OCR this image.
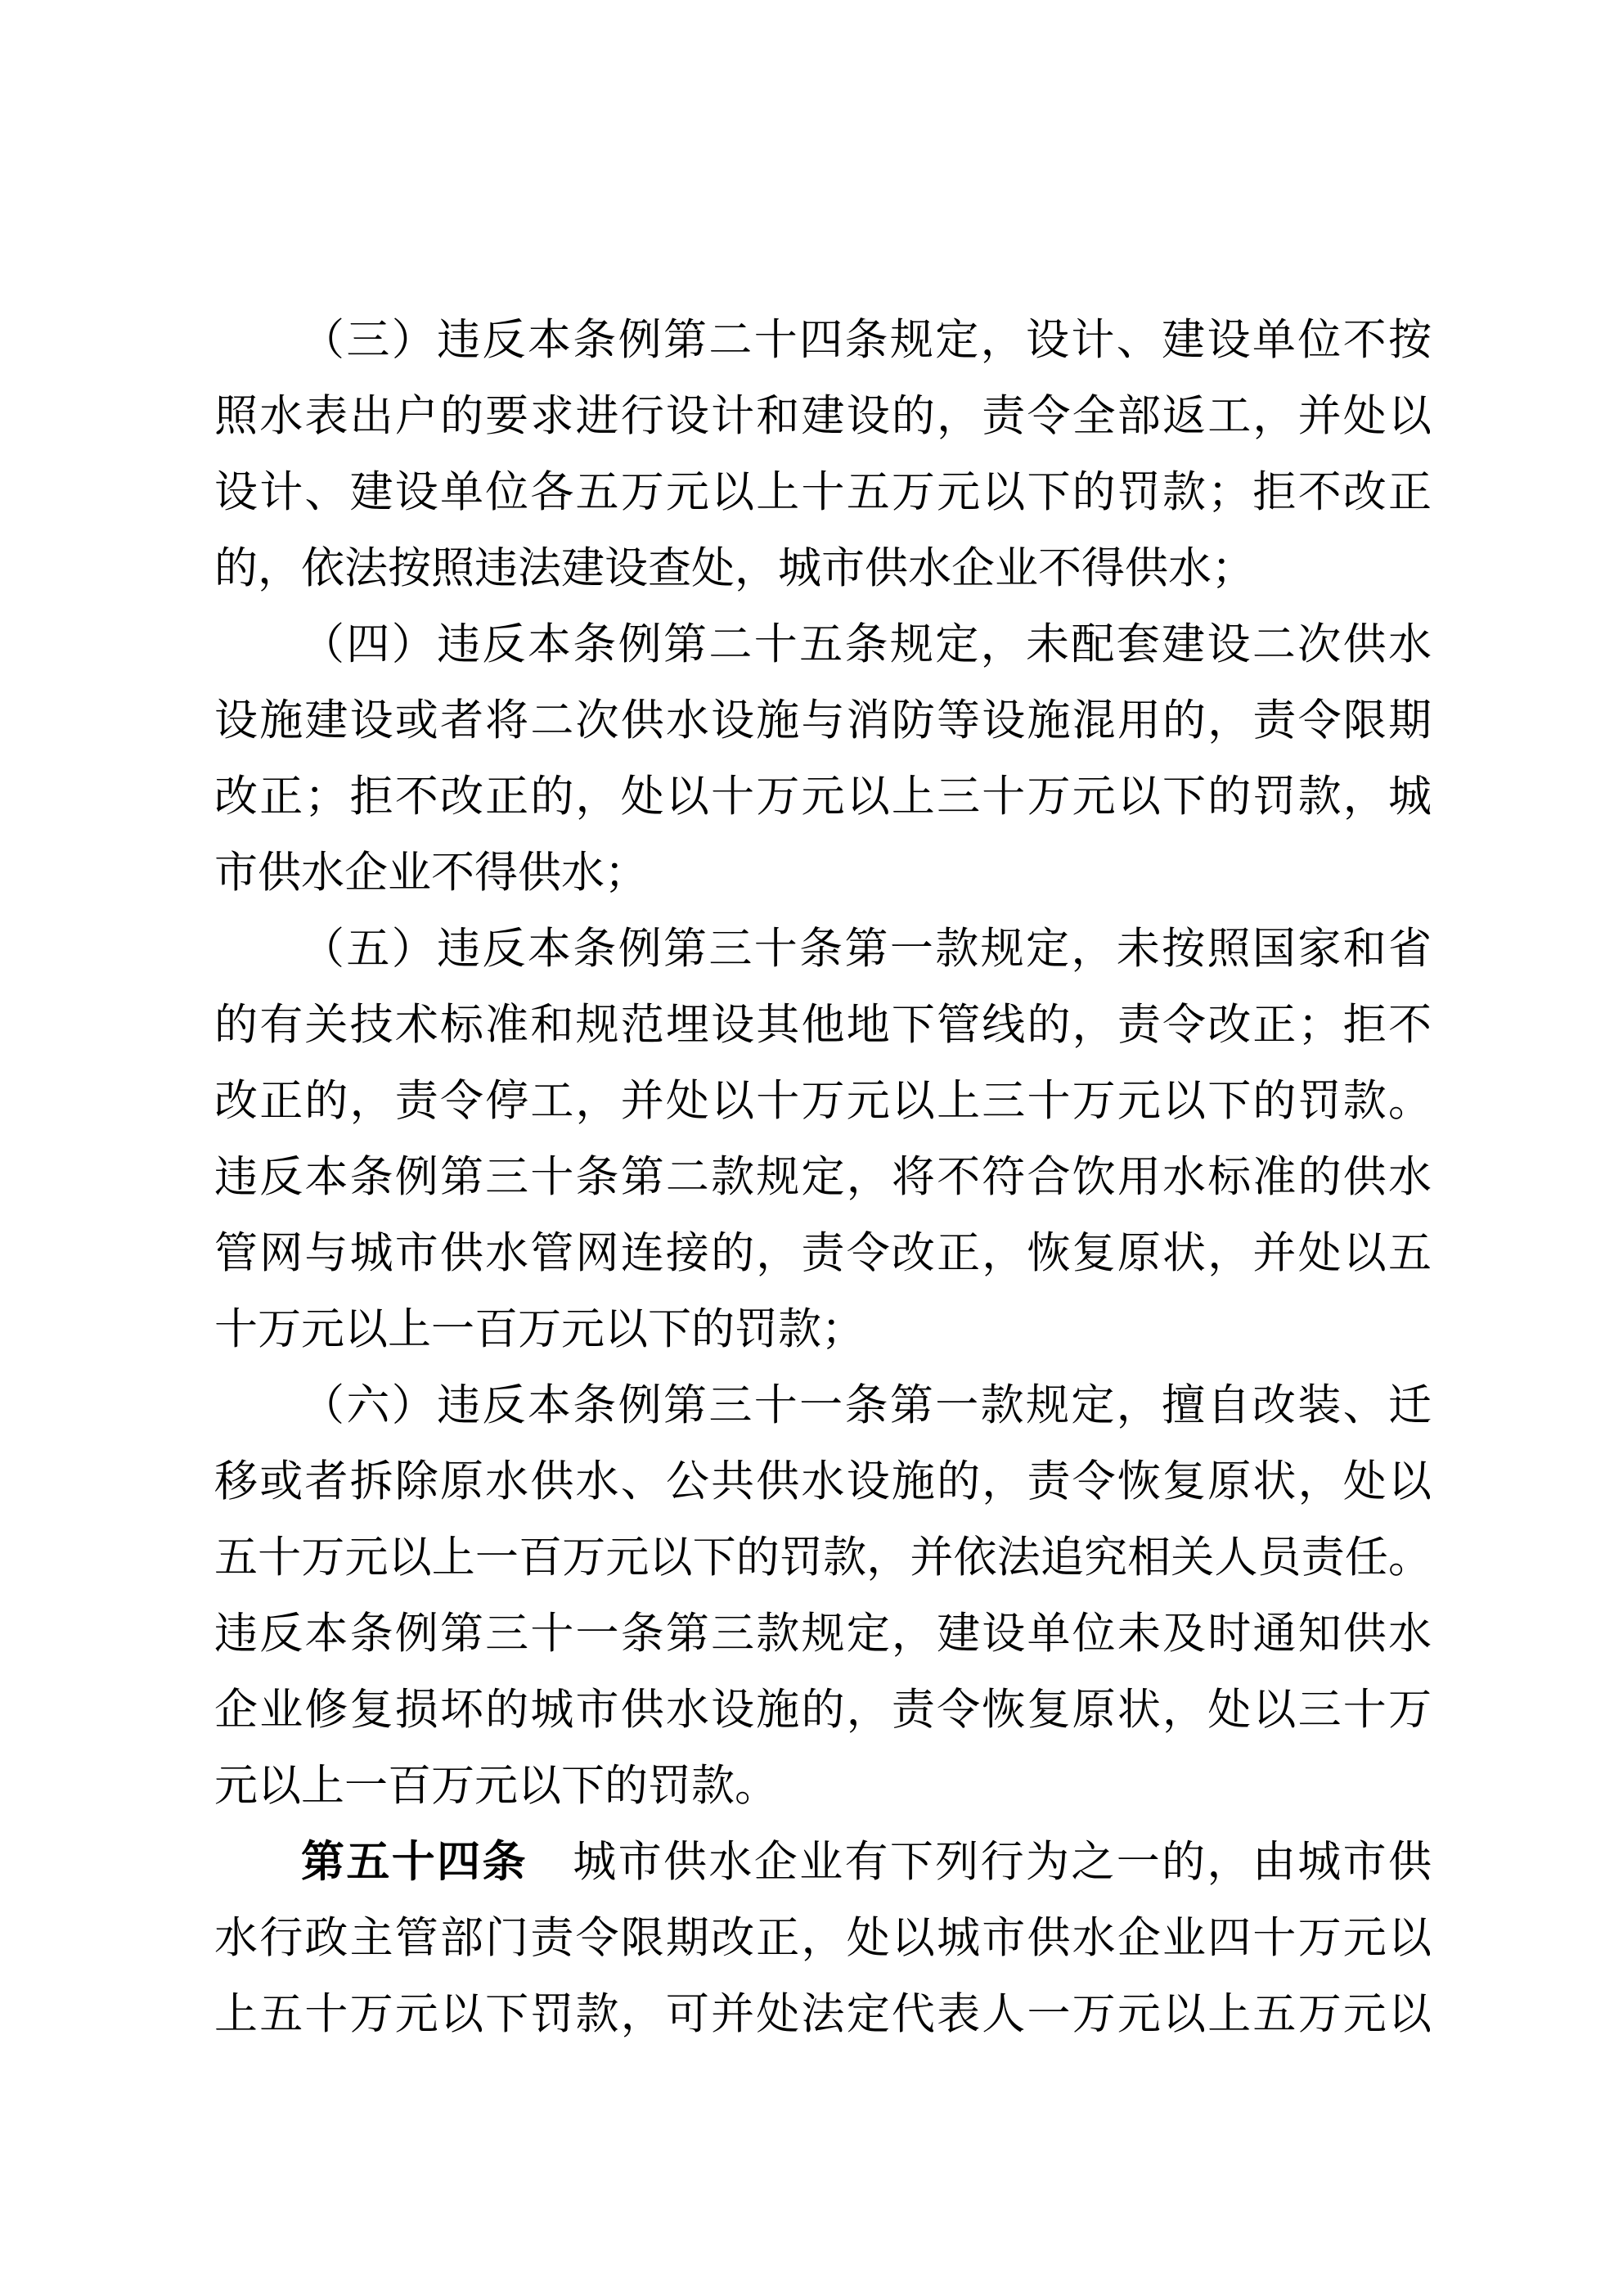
（三）违反本条例第二十四条规定，设计、建设单位不按
照水表出户的要求进行设计和建设的，责令全部返工，并处以
设计、建设单位各五万元以上十五万元以下的罚款；拒不改正
的，依法按照违法建设查处，城市供水企业不得供水；
（四）违反本条例第二十五条规定，未配套建设二次供水
设施建设或者将二次供水设施与消防等设施混用的，责令限期
改正；拒不改正的，处以十万元以上三十万元以下的罚款，城
市供水企业不得供水；
（五）违反本条例第三十条第一款规定，未按照国家和省
的有关技术标准和规范埋设其他地下管线的，责令改正；拒不
改正的，责令停工，并处以十万元以上三十万元以下的罚款。
违反本条例第三十条第二款规定，将不符合饮用水标准的供水
管网与城市供水管网连接的，责令改正，恢复原状，并处以五
十万元以上一百万元以下的罚款；
（六）违反本条例第三十一条第一款规定，擅自改装、迁
移或者拆除原水供水、公共供水设施的，责令恢复原状，处以
五十万元以上一百万元以下的罚款，并依法追究相关人员责任。
违反本条例第三十一条第三款规定，建设单位未及时通知供水
企业修复损坏的城市供水设施的，责令恢复原状，处以三十万
元以上一百万元以下的罚款。
第五十四条　城市供水企业有下列行为之一的，由城市供
水行政主管部门责令限期改正，处以城市供水企业四十万元以
上五十万元以下罚款，可并处法定代表人一万元以上五万元以
